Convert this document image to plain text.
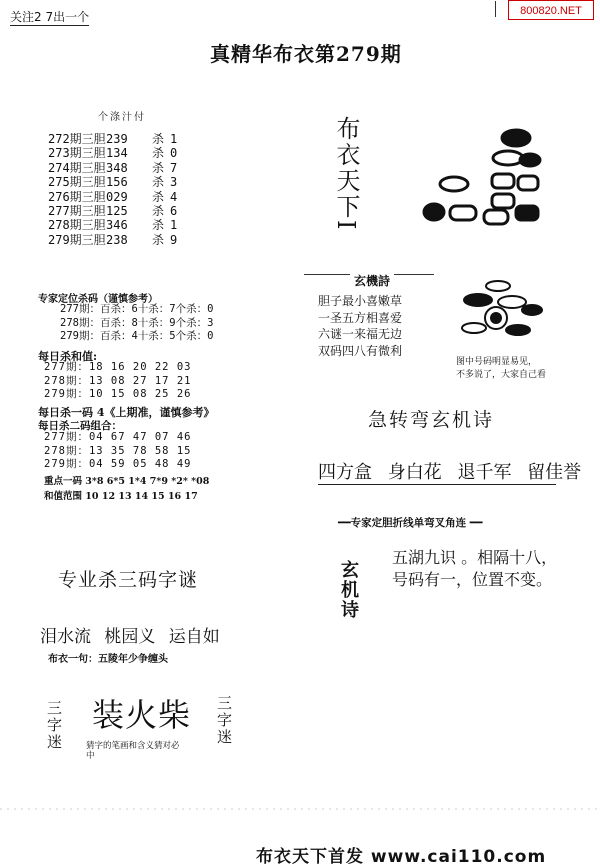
关注2 7出一个	800820.NET
真精华布衣第279期
个涤汁付
272期三胆239 杀 1
273期三胆134 杀 0
274期三胆348 杀 7
275期三胆156 杀 3
276期三胆029 杀 4
277期三胆125 杀 6
278期三胆346 杀 1
279期三胆238 杀 9
专家定位杀码（谨慎参考）
277期：百杀：6十杀：7个杀：0
278期：百杀：8十杀：9个杀：3
279期：百杀：4十杀：5个杀：0
每日杀和值:
277期：18 16 20 22 03
278期：13 08 27 17 21
279期：10 15 08 25 26
每日杀一码 4《上期准，谨慎参考》
每日杀二码组合：
277期：04 67 47 07 46
278期：13 35 78 58 15
279期：04 59 05 48 49
重点一码 3*8 6*5 1*4 7*9 *2* *08
和值范围 10 12 13 14 15 16 17
专业杀三码字谜
泪水流 桃园义 运自如
布衣一句：五陵年少争缠头
三字迷 装火柴 三字迷
猜字的笔画和含义猜对必中
布衣天下I
玄機詩
胆子最小喜嫩草
一圣五方相喜爱
六谜一来福无边
双码四八有微利
图中号码明显易见，
不多说了，大家自己看
急转弯玄机诗
四方盒 身白花 退千军 留佳誉
━━专家定胆折线单弯叉角连 ━━
玄机诗
五湖九识 。相隔十八，
号码有一，位置不变。
布衣天下首发 www.cai110.com
